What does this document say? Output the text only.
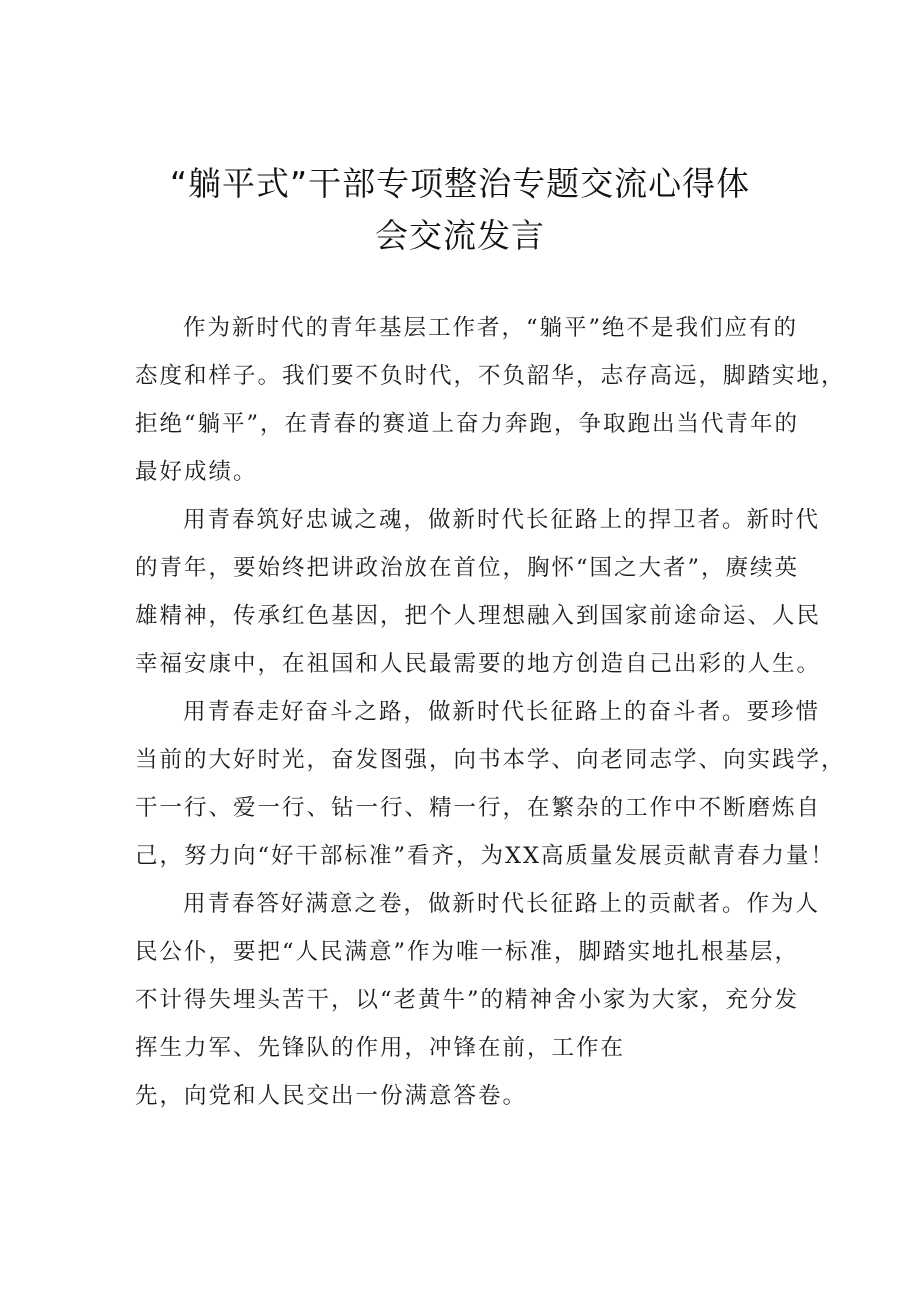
“躺平式”干部专项整治专题交流心得体
会交流发言
作为新时代的青年基层工作者，“躺平”绝不是我们应有的
态度和样子。我们要不负时代，不负韶华，志存高远，脚踏实地，
拒绝“躺平”，在青春的赛道上奋力奔跑，争取跑出当代青年的
最好成绩。
用青春筑好忠诚之魂，做新时代长征路上的捍卫者。新时代
的青年，要始终把讲政治放在首位，胸怀“国之大者”，赓续英
雄精神，传承红色基因，把个人理想融入到国家前途命运、人民
幸福安康中，在祖国和人民最需要的地方创造自己出彩的人生。
用青春走好奋斗之路，做新时代长征路上的奋斗者。要珍惜
当前的大好时光，奋发图强，向书本学、向老同志学、向实践学，
干一行、爱一行、钻一行、精一行，在繁杂的工作中不断磨炼自
己，努力向“好干部标准”看齐，为XX高质量发展贡献青春力量！
用青春答好满意之卷，做新时代长征路上的贡献者。作为人
民公仆，要把“人民满意”作为唯一标准，脚踏实地扎根基层，
不计得失埋头苦干，以“老黄牛”的精神舍小家为大家，充分发
挥生力军、先锋队的作用，冲锋在前，工作在
先，向党和人民交出一份满意答卷。
